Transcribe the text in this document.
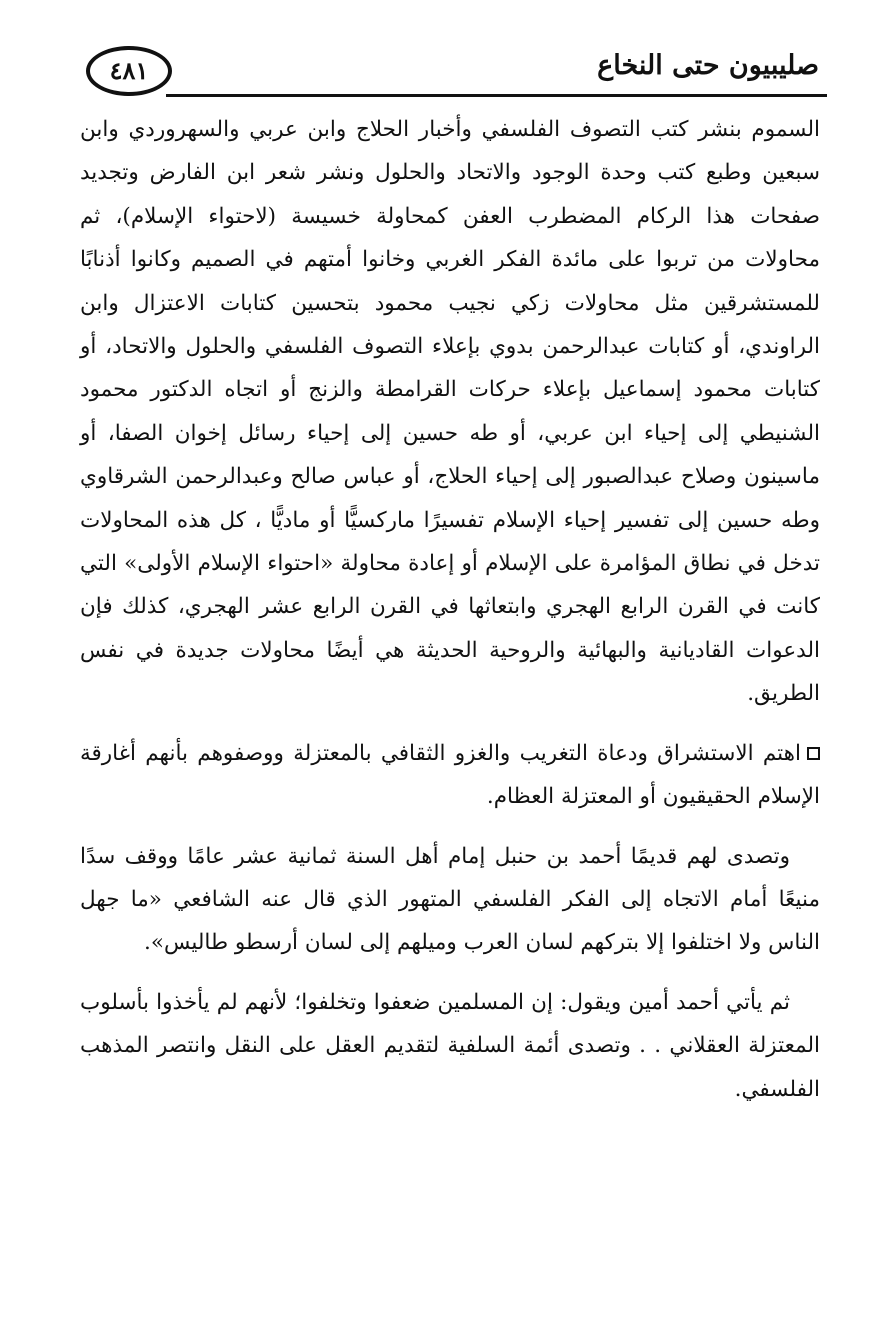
صليبيون حتى النخاع
٤٨١

السموم بنشر كتب التصوف الفلسفي وأخبار الحلاج وابن عربي والسهروردي وابن سبعين وطبع كتب وحدة الوجود والاتحاد والحلول ونشر شعر ابن الفارض وتجديد صفحات هذا الركام المضطرب العفن كمحاولة خسيسة (لاحتواء الإسلام)، ثم محاولات من تربوا على مائدة الفكر الغربي وخانوا أمتهم في الصميم وكانوا أذنابًا للمستشرقين مثل محاولات زكي نجيب محمود بتحسين كتابات الاعتزال وابن الراوندي، أو كتابات عبدالرحمن بدوي بإعلاء التصوف الفلسفي والحلول والاتحاد، أو كتابات محمود إسماعيل بإعلاء حركات القرامطة والزنج أو اتجاه الدكتور محمود الشنيطي إلى إحياء ابن عربي، أو طه حسين إلى إحياء رسائل إخوان الصفا، أو ماسينون وصلاح عبدالصبور إلى إحياء الحلاج، أو عباس صالح وعبدالرحمن الشرقاوي وطه حسين إلى تفسير إحياء الإسلام تفسيرًا ماركسيًّا أو ماديًّا ، كل هذه المحاولات تدخل في نطاق المؤامرة على الإسلام أو إعادة محاولة «احتواء الإسلام الأولى» التي كانت في القرن الرابع الهجري وابتعاثها في القرن الرابع عشر الهجري، كذلك فإن الدعوات القاديانية والبهائية والروحية الحديثة هي أيضًا محاولات جديدة في نفس الطريق.

اهتم الاستشراق ودعاة التغريب والغزو الثقافي بالمعتزلة ووصفوهم بأنهم أغارقة الإسلام الحقيقيون أو المعتزلة العظام.

وتصدى لهم قديمًا أحمد بن حنبل إمام أهل السنة ثمانية عشر عامًا ووقف سدًا منيعًا أمام الاتجاه إلى الفكر الفلسفي المتهور الذي قال عنه الشافعي «ما جهل الناس ولا اختلفوا إلا بتركهم لسان العرب وميلهم إلى لسان أرسطو طاليس».

ثم يأتي أحمد أمين ويقول: إن المسلمين ضعفوا وتخلفوا؛ لأنهم لم يأخذوا بأسلوب المعتزلة العقلاني . . وتصدى أئمة السلفية لتقديم العقل على النقل وانتصر المذهب الفلسفي.
